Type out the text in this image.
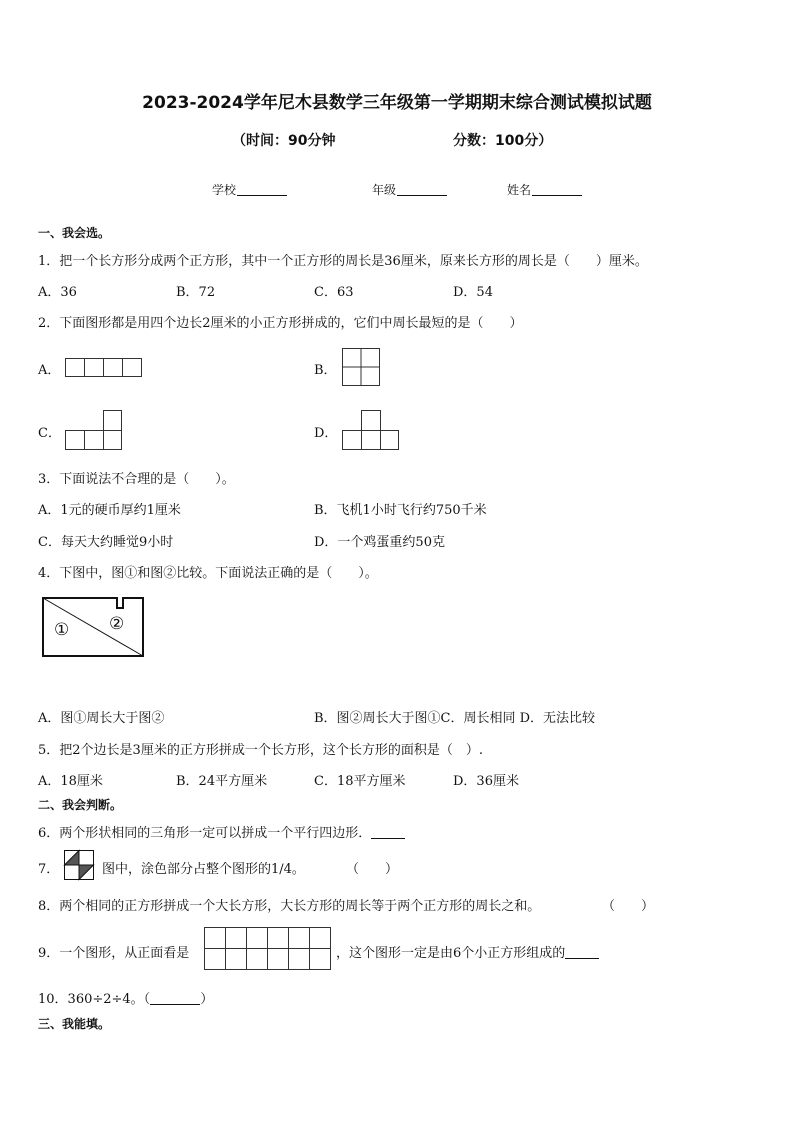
2023-2024学年尼木县数学三年级第一学期期末综合测试模拟试题
（时间：90分钟	分数：100分）
学校	年级	姓名
一、我会选。
1．把一个长方形分成两个正方形，其中一个正方形的周长是36厘米，原来长方形的周长是（　　）厘米。
A．36	B．72	C．63	D．54
2．下面图形都是用四个边长2厘米的小正方形拼成的，它们中周长最短的是（　　）
A．	B．
C．	D．
3．下面说法不合理的是（　　）。
A．1元的硬币厚约1厘米	B．飞机1小时飞行约750千米
C．每天大约睡觉9小时	D．一个鸡蛋重约50克
4．下图中，图①和图②比较。下面说法正确的是（　　）。
① ②
A．图①周长大于图②	B．图②周长大于图①C．周长相同 D．无法比较
5．把2个边长是3厘米的正方形拼成一个长方形，这个长方形的面积是（　）.
A．18厘米	B．24平方厘米	C．18平方厘米	D．36厘米
二、我会判断。
6．两个形状相同的三角形一定可以拼成一个平行四边形．
7．	图中，涂色部分占整个图形的1/4。	（　　）
8．两个相同的正方形拼成一个大长方形，大长方形的周长等于两个正方形的周长之和。	（　　）
9．一个图形，从正面看是	，这个图形一定是由6个小正方形组成的
10．360÷2÷4。（	）
三、我能填。
